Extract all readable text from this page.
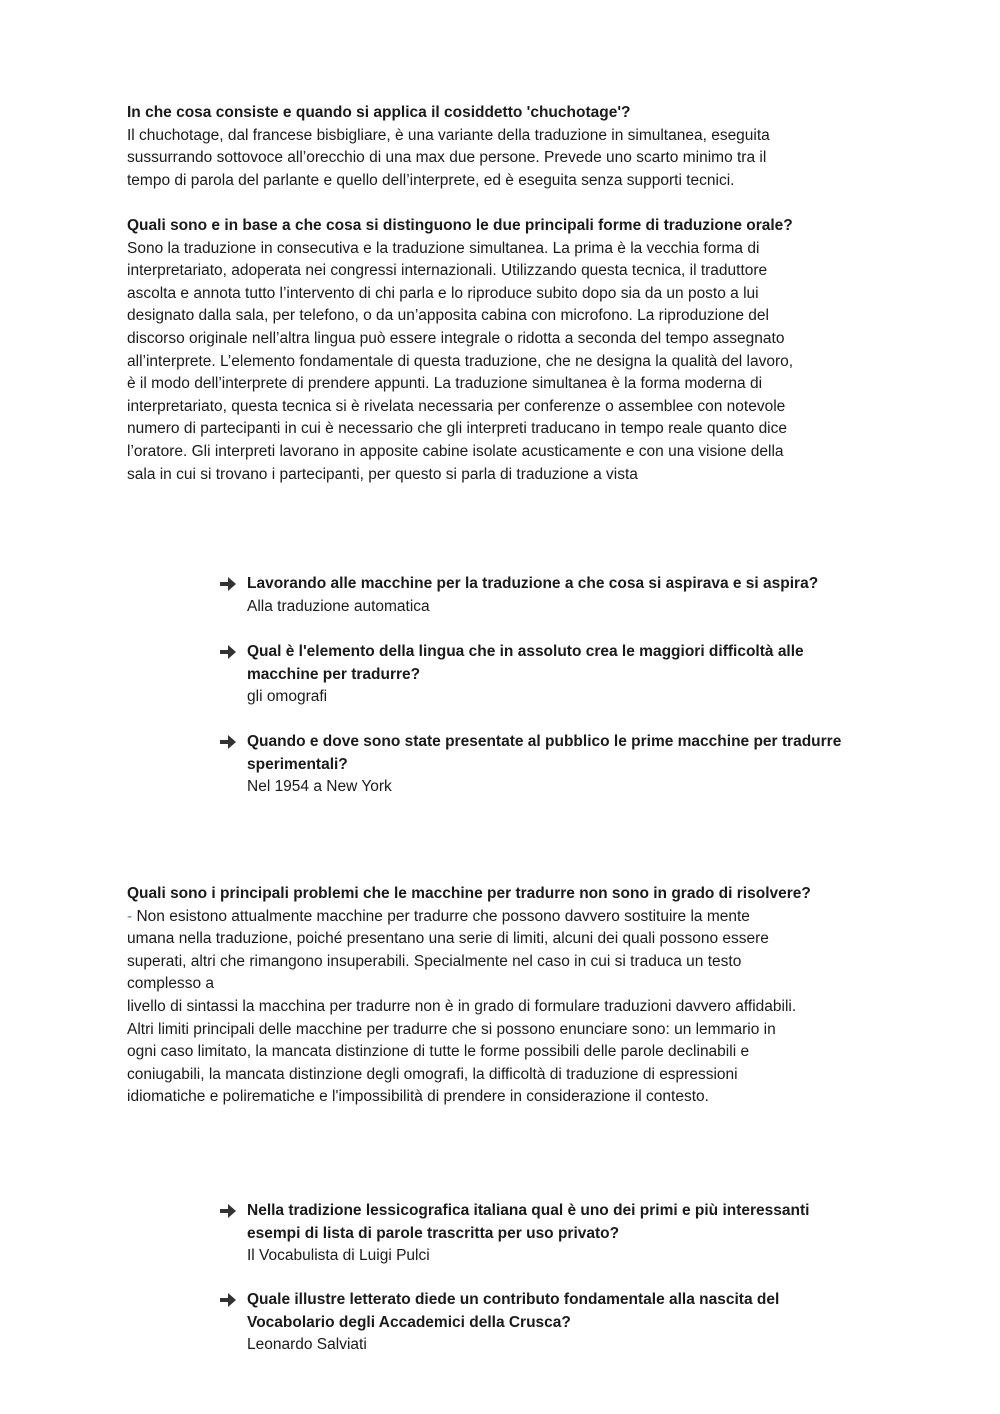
In che cosa consiste e quando si applica il cosiddetto 'chuchotage'?

Il chuchotage, dal francese bisbigliare, è una variante della traduzione in simultanea, eseguita
sussurrando sottovoce all’orecchio di una max due persone. Prevede uno scarto minimo tra il
tempo di parola del parlante e quello dell’interprete, ed è eseguita senza supporti tecnici.

Quali sono e in base a che cosa si distinguono le due principali forme di traduzione orale?

Sono la traduzione in consecutiva e la traduzione simultanea. La prima è la vecchia forma di
interpretariato, adoperata nei congressi internazionali. Utilizzando questa tecnica, il traduttore
ascolta e annota tutto l’intervento di chi parla e lo riproduce subito dopo sia da un posto a lui
designato dalla sala, per telefono, o da un’apposita cabina con microfono. La riproduzione del
discorso originale nell’altra lingua può essere integrale o ridotta a seconda del tempo assegnato
all’interprete. L’elemento fondamentale di questa traduzione, che ne designa la qualità del lavoro,
è il modo dell’interprete di prendere appunti. La traduzione simultanea è la forma moderna di
interpretariato, questa tecnica si è rivelata necessaria per conferenze o assemblee con notevole
numero di partecipanti in cui è necessario che gli interpreti traducano in tempo reale quanto dice
l’oratore. Gli interpreti lavorano in apposite cabine isolate acusticamente e con una visione della
sala in cui si trovano i partecipanti, per questo si parla di traduzione a vista

Lavorando alle macchine per la traduzione a che cosa si aspirava e si aspira?

Alla traduzione automatica

Qual è l'elemento della lingua che in assoluto crea le maggiori difficoltà alle
macchine per tradurre?

gli omografi

Quando e dove sono state presentate al pubblico le prime macchine per tradurre
sperimentali?

Nel 1954 a New York

Quali sono i principali problemi che le macchine per tradurre non sono in grado di risolvere?

- Non esistono attualmente macchine per tradurre che possono davvero sostituire la mente
umana nella traduzione, poiché presentano una serie di limiti, alcuni dei quali possono essere
superati, altri che rimangono insuperabili. Specialmente nel caso in cui si traduca un testo
complesso a
livello di sintassi la macchina per tradurre non è in grado di formulare traduzioni davvero affidabili.
Altri limiti principali delle macchine per tradurre che si possono enunciare sono: un lemmario in
ogni caso limitato, la mancata distinzione di tutte le forme possibili delle parole declinabili e
coniugabili, la mancata distinzione degli omografi, la difficoltà di traduzione di espressioni
idiomatiche e polirematiche e l'impossibilità di prendere in considerazione il contesto.

Nella tradizione lessicografica italiana qual è uno dei primi e più interessanti
esempi di lista di parole trascritta per uso privato?

Il Vocabulista di Luigi Pulci

Quale illustre letterato diede un contributo fondamentale alla nascita del
Vocabolario degli Accademici della Crusca?

Leonardo Salviati
